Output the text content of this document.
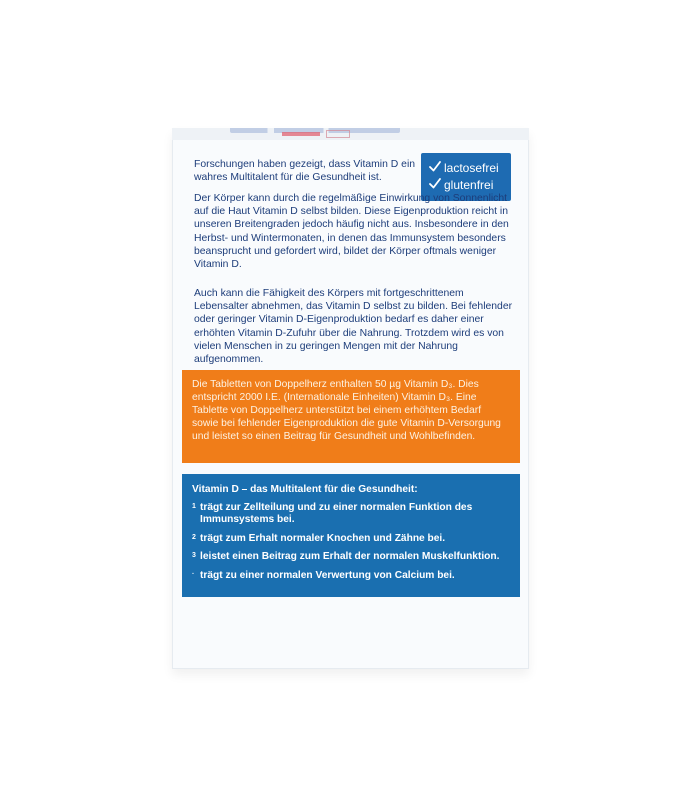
Forschungen haben gezeigt, dass Vitamin D ein wahres Multitalent für die Gesundheit ist.

lactosefrei
glutenfrei

Der Körper kann durch die regelmäßige Einwirkung von Sonnenlicht auf die Haut Vitamin D selbst bilden. Diese Eigenproduktion reicht in unseren Breitengraden jedoch häufig nicht aus. Insbesondere in den Herbst- und Wintermonaten, in denen das Immunsystem besonders beansprucht und gefordert wird, bildet der Körper oftmals weniger Vitamin D.

Auch kann die Fähigkeit des Körpers mit fortgeschrittenem Lebensalter abnehmen, das Vitamin D selbst zu bilden. Bei fehlender oder geringer Vitamin D-Eigenproduktion bedarf es daher einer erhöhten Vitamin D-Zufuhr über die Nahrung. Trotzdem wird es von vielen Menschen in zu geringen Mengen mit der Nahrung aufgenommen.

Die Tabletten von Doppelherz enthalten 50 µg Vitamin D₃. Dies entspricht 2000 I.E. (Internationale Einheiten) Vitamin D₃. Eine Tablette von Doppelherz unterstützt bei einem erhöhtem Bedarf sowie bei fehlender Eigenproduktion die gute Vitamin D-Versorgung und leistet so einen Beitrag für Gesundheit und Wohlbefinden.

Vitamin D – das Multitalent für die Gesundheit:

1 trägt zur Zellteilung und zu einer normalen Funktion des Immunsystems bei.
2 trägt zum Erhalt normaler Knochen und Zähne bei.
3 leistet einen Beitrag zum Erhalt der normalen Muskelfunktion.
· trägt zu einer normalen Verwertung von Calcium bei.
